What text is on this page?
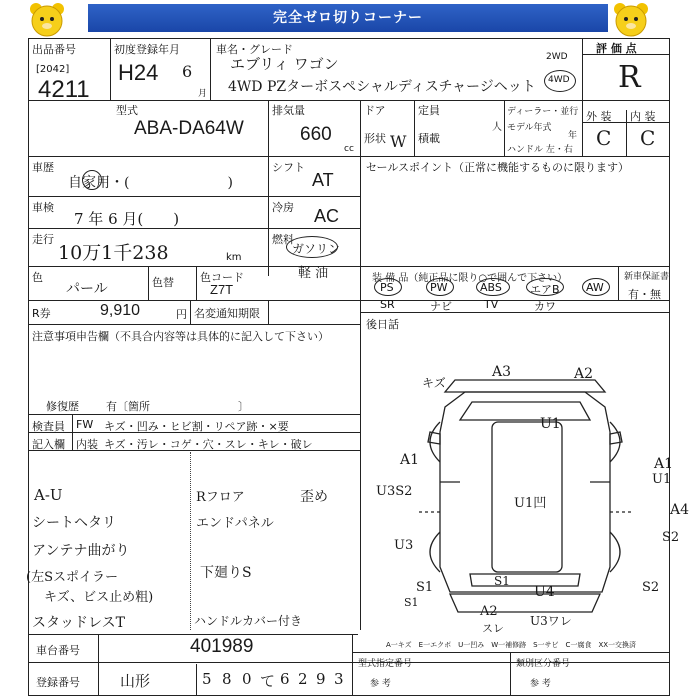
完全ゼロ切りコーナー
出品番号
[2042]
4211
初度登録年月
H24 6
月
車名・グレード
エブリィ ワゴン
4WD PZターボスペシャルディスチャージヘット
2WD
4WD
評 価 点
R
型式
ABA-DA64W
排気量
660
cc
ドア
形状 W
定員
人
積載
ディーラー・並行
モデル年式
年
ハンドル 左・右
外 装 内 装
C C
車歴
自家用・(　　　　　　　)
シフト
AT
セールスポイント（正常に機能するものに限ります）
車検
7 年 6 月(　　)
冷房 AC
走行
10万1千238	km
燃料
ガソリン
軽 油
色
パール	色替 色コード
Z7T
装 備 品（純正品に限り○で囲んで下さい）	新車保証書
有・無
PS	PW	ABS	エアB AW
SR	ナビ	TV	カワ
R券	9,910	円 名変通知期限
後日話
注意事項申告欄（不具合内容等は具体的に記入して下さい）
修復歴 有〔箇所　　　　　　　　〕
検査員 FW キズ・凹み・ヒビ割・リペア跡・×要
記入欄 内装 キズ・汚レ・コゲ・穴・スレ・キレ・破レ
A-U
シートヘタリ
アンテナ曲がり
(左Sスポイラー
キズ、ビス止め粗)
スタッドレスT
Rフロア	歪め
エンドパネル
下廻りS
ハンドルカバー付き
キズ
A3	A2
U1
A1	A1
U1
U3S2
U1凹	A4
S2
U3
S1	S1
S1
U4	S2
A2
スレ
U3ワレ
A一キズ　E一エクボ　U一凹み　W一補修跡　S一サビ　C一腐食　XX一交換済
車台番号	401989
登録番号	山形	5 8 0 て 6 2 9 3
型式指定番号
参 考
類別区分番号
参 考
